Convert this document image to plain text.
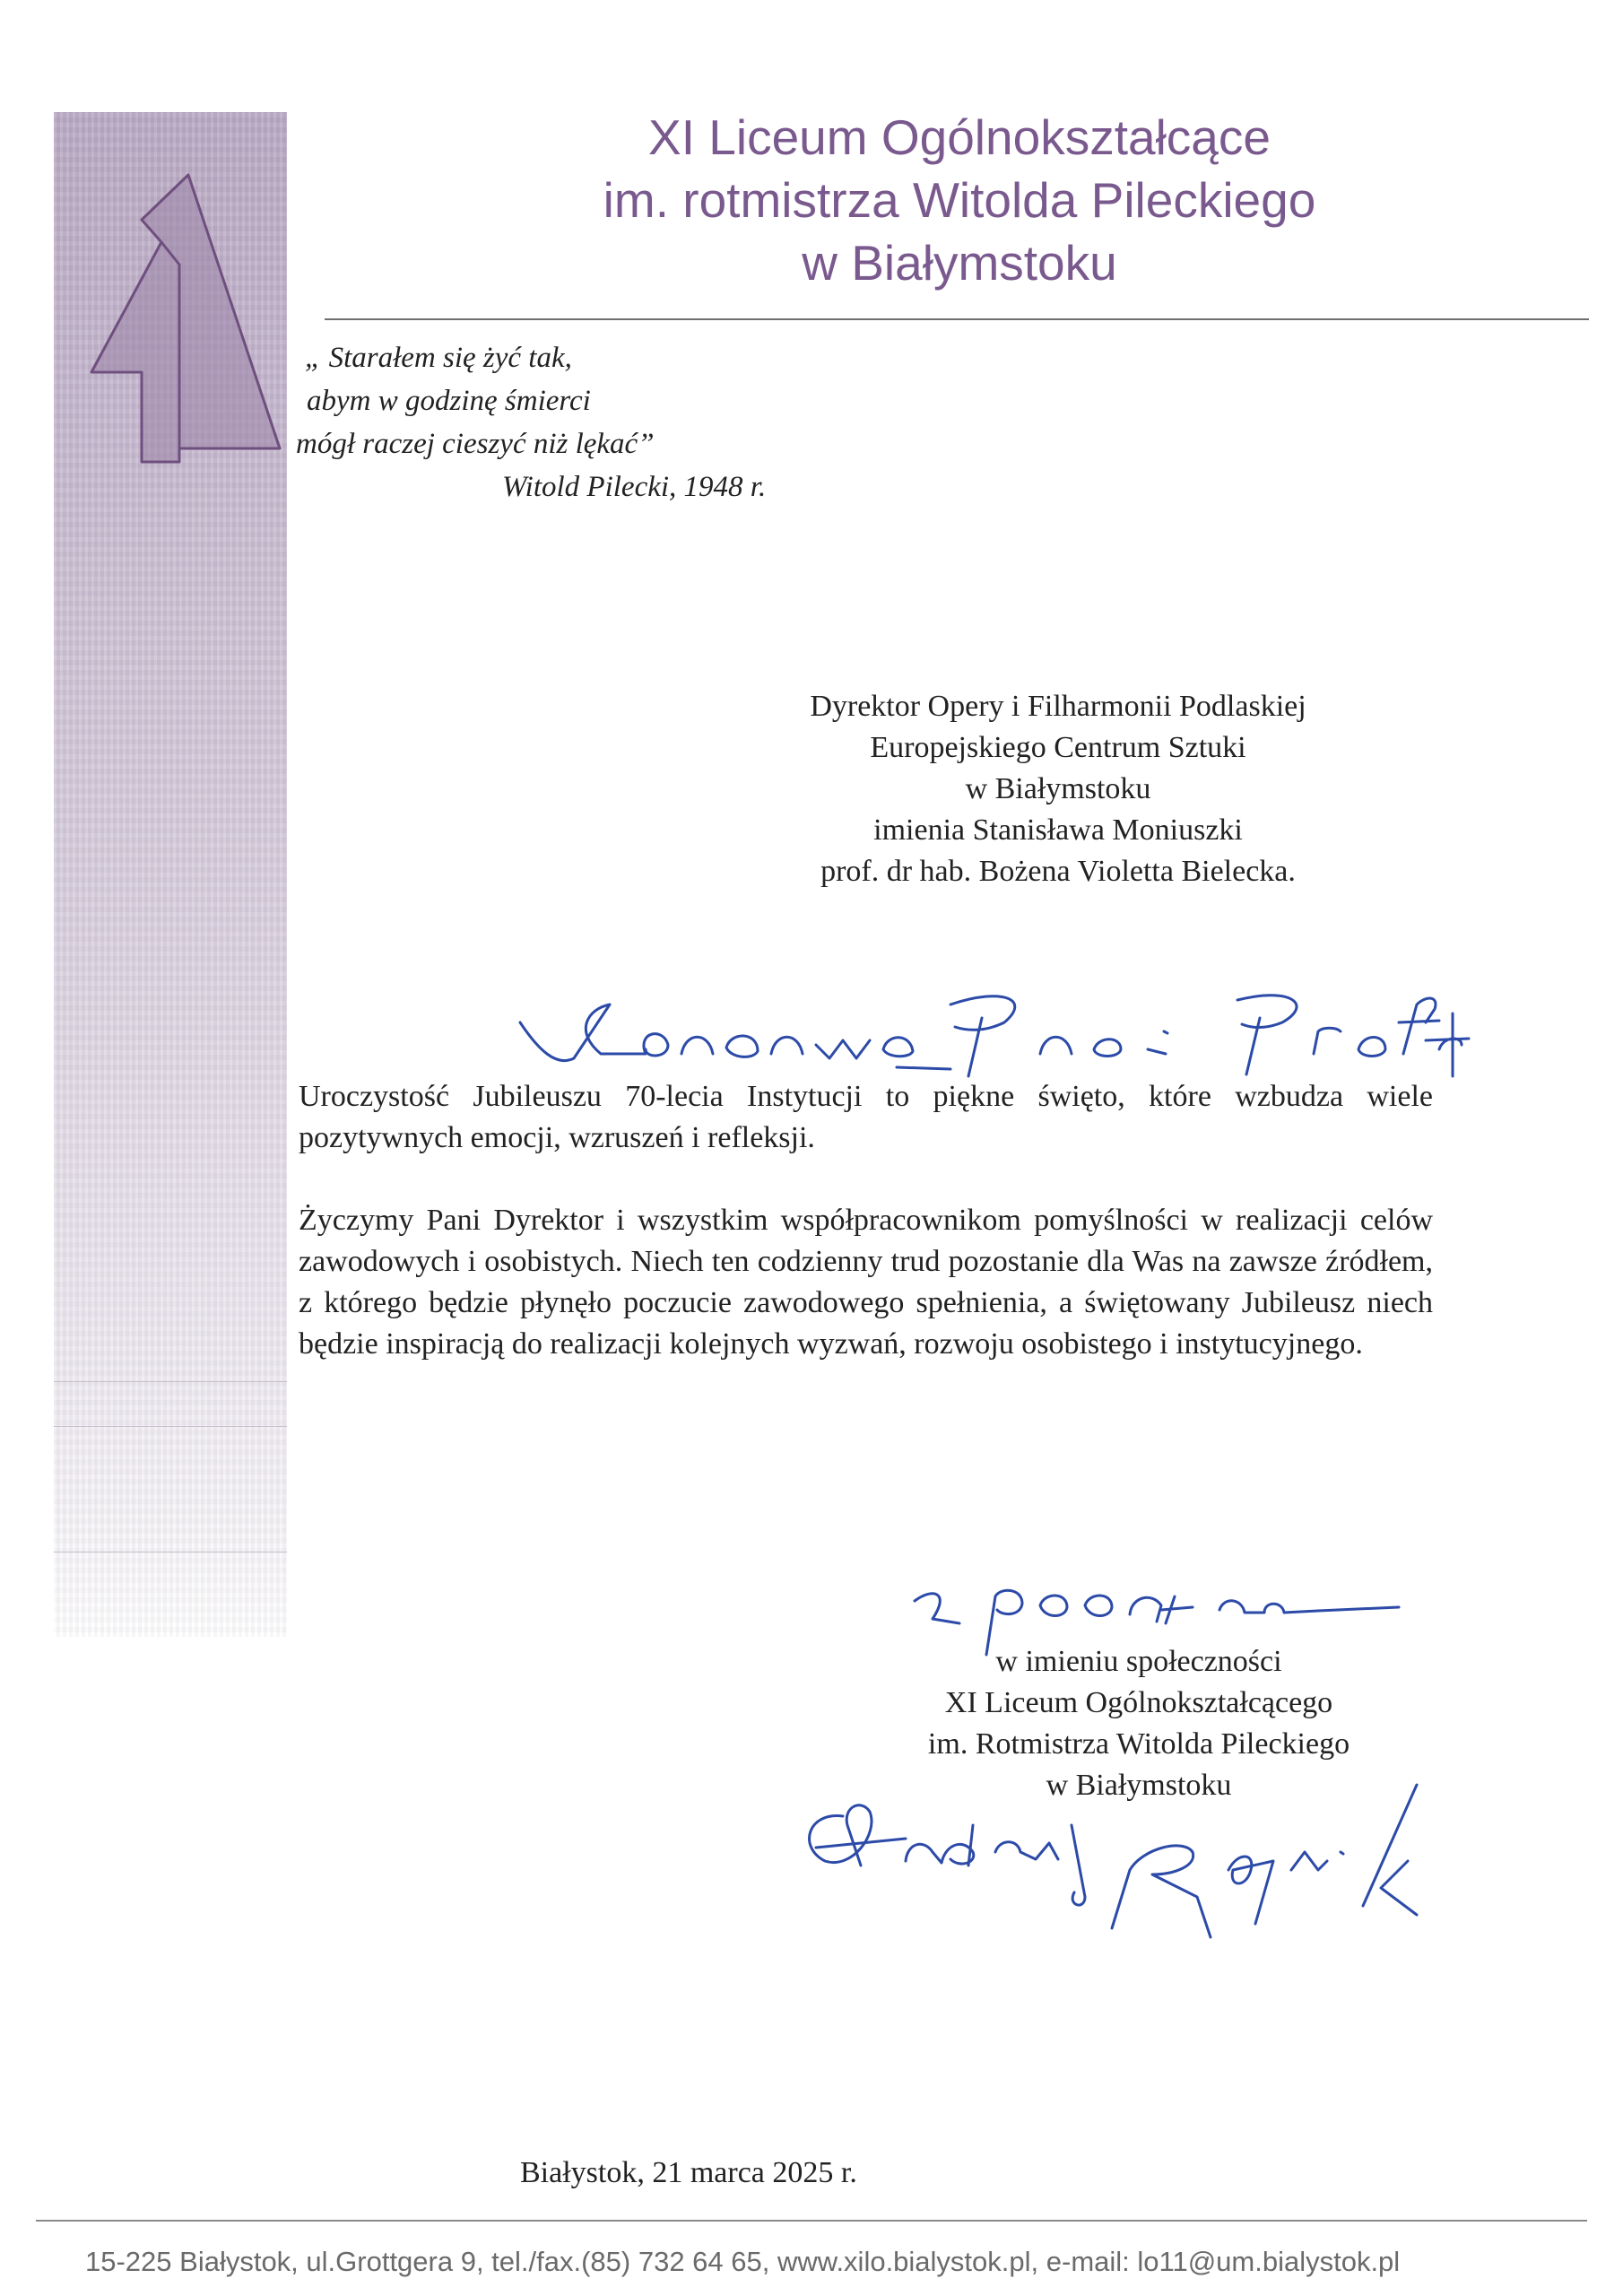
XI Liceum Ogólnokształcące
im. rotmistrza Witolda Pileckiego
w Białymstoku
„ Starałem się żyć tak,
abym w godzinę śmierci
mógł raczej cieszyć niż lękać”
Witold Pilecki, 1948 r.
Dyrektor Opery i Filharmonii Podlaskiej
Europejskiego Centrum Sztuki
w Białymstoku
imienia Stanisława Moniuszki
prof. dr hab. Bożena Violetta Bielecka.

Uroczystość Jubileuszu 70-lecia Instytucji to piękne święto, które wzbudza wiele pozytywnych emocji, wzruszeń i refleksji.

Życzymy Pani Dyrektor i wszystkim współpracownikom pomyślności w realizacji celów zawodowych i osobistych. Niech ten codzienny trud pozostanie dla Was na zawsze źródłem, z którego będzie płynęło poczucie zawodowego spełnienia, a świętowany Jubileusz niech będzie inspiracją do realizacji kolejnych wyzwań, rozwoju osobistego i instytucyjnego.

w imieniu społeczności
XI Liceum Ogólnokształcącego
im. Rotmistrza Witolda Pileckiego
w Białymstoku
Białystok, 21 marca 2025 r.
15-225 Białystok, ul.Grottgera 9, tel./fax.(85) 732 64 65, www.xilo.bialystok.pl, e-mail: lo11@um.bialystok.pl
